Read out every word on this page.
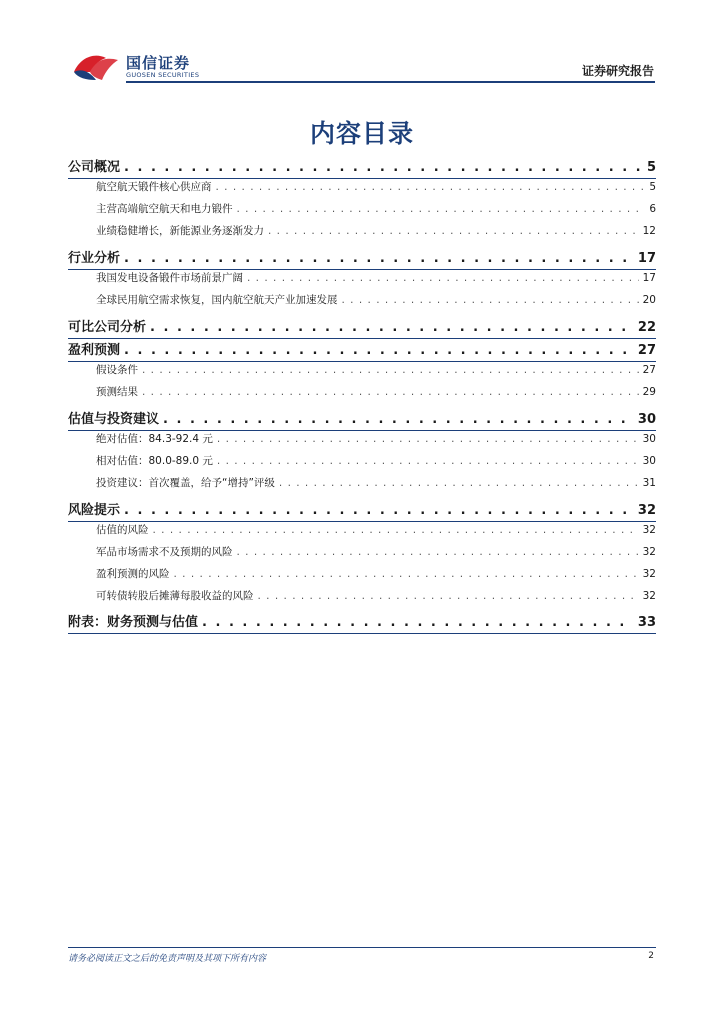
国信证券
GUOSEN SECURITIES	证券研究报告
内容目录
公司概况 . . .	5
航空航天锻件核心供应商 . . .	5
主营高端航空航天和电力锻件 . . .	6
业绩稳健增长，新能源业务逐渐发力 . . .	12
行业分析 . . .	17
我国发电设备锻件市场前景广阔 . . .	17
全球民用航空需求恢复，国内航空航天产业加速发展 . . .	20
可比公司分析 . . .	22
盈利预测 . . .	27
假设条件 . . .	27
预测结果 . . .	29
估值与投资建议 . . .	30
绝对估值：84.3-92.4 元 . . .	30
相对估值：80.0-89.0 元 . . .	30
投资建议：首次覆盖，给予“增持”评级 . . .	31
风险提示 . . .	32
估值的风险 . . .	32
军品市场需求不及预期的风险 . . .	32
盈利预测的风险 . . .	32
可转债转股后摊薄每股收益的风险 . . .	32
附表：财务预测与估值 . . .	33
请务必阅读正文之后的免责声明及其项下所有内容	2
